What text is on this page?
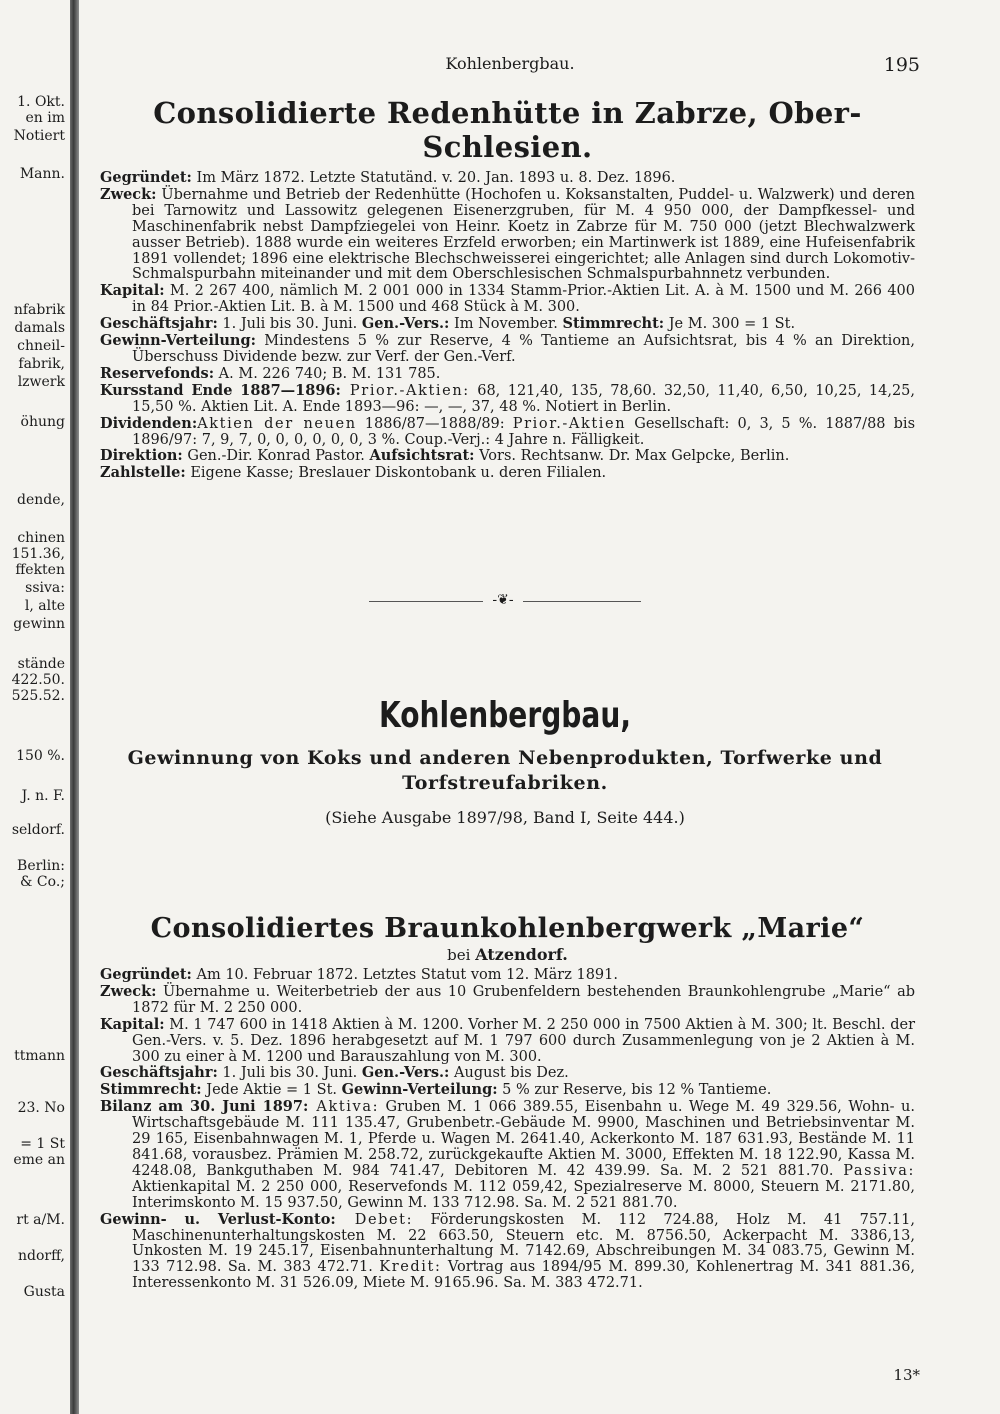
1. Okt.
en im
Notiert
Mann.
nfabrik
damals
chneil-
fabrik,
lzwerk
öhung
dende,
chinen
151.36,
ffekten
ssiva:
l, alte
gewinn
stände
422.50.
525.52.
150 %.
J. n. F.
seldorf.
Berlin:
& Co.;
ttmann
23. No
= 1 St
eme an
rt a/M.
ndorff,
Gusta
Kohlenbergbau.	195
Consolidierte Redenhütte in Zabrze, Ober-Schlesien.

Gegründet: Im März 1872. Letzte Statutänd. v. 20. Jan. 1893 u. 8. Dez. 1896.

Zweck: Übernahme und Betrieb der Redenhütte (Hochofen u. Koksanstalten, Puddel- u. Walzwerk) und deren bei Tarnowitz und Lassowitz gelegenen Eisenerzgruben, für M. 4 950 000, der Dampfkessel- und Maschinenfabrik nebst Dampfziegelei von Heinr. Koetz in Zabrze für M. 750 000 (jetzt Blechwalzwerk ausser Betrieb). 1888 wurde ein weiteres Erzfeld erworben; ein Martinwerk ist 1889, eine Hufeisenfabrik 1891 vollendet; 1896 eine elektrische Blechschweisserei eingerichtet; alle Anlagen sind durch Lokomotiv-Schmalspurbahn miteinander und mit dem Oberschlesischen Schmalspurbahnnetz verbunden.

Kapital: M. 2 267 400, nämlich M. 2 001 000 in 1334 Stamm-Prior.-Aktien Lit. A. à M. 1500 und M. 266 400 in 84 Prior.-Aktien Lit. B. à M. 1500 und 468 Stück à M. 300.

Geschäftsjahr: 1. Juli bis 30. Juni. Gen.-Vers.: Im November. Stimmrecht: Je M. 300 = 1 St.

Gewinn-Verteilung: Mindestens 5 % zur Reserve, 4 % Tantieme an Aufsichtsrat, bis 4 % an Direktion, Überschuss Dividende bezw. zur Verf. der Gen.-Verf.

Reservefonds: A. M. 226 740; B. M. 131 785.

Kursstand Ende 1887—1896: Prior.-Aktien: 68, 121,40, 135, 78,60. 32,50, 11,40, 6,50, 10,25, 14,25, 15,50 %. Aktien Lit. A. Ende 1893—96: —, —, 37, 48 %. Notiert in Berlin.

Dividenden:Aktien der neuen 1886/87—1888/89: Prior.-Aktien Gesellschaft: 0, 3, 5 %. 1887/88 bis 1896/97: 7, 9, 7, 0, 0, 0, 0, 0, 0, 3 %. Coup.-Verj.: 4 Jahre n. Fälligkeit.

Direktion: Gen.-Dir. Konrad Pastor. Aufsichtsrat: Vors. Rechtsanw. Dr. Max Gelpcke, Berlin.

Zahlstelle: Eigene Kasse; Breslauer Diskontobank u. deren Filialen.

-❦-
Kohlenbergbau,

Gewinnung von Koks und anderen Nebenprodukten, Torfwerke und Torfstreufabriken.

(Siehe Ausgabe 1897/98, Band I, Seite 444.)

Consolidiertes Braunkohlenbergwerk „Marie“

bei Atzendorf.

Gegründet: Am 10. Februar 1872. Letztes Statut vom 12. März 1891.

Zweck: Übernahme u. Weiterbetrieb der aus 10 Grubenfeldern bestehenden Braunkohlengrube „Marie“ ab 1872 für M. 2 250 000.

Kapital: M. 1 747 600 in 1418 Aktien à M. 1200. Vorher M. 2 250 000 in 7500 Aktien à M. 300; lt. Beschl. der Gen.-Vers. v. 5. Dez. 1896 herabgesetzt auf M. 1 797 600 durch Zusammenlegung von je 2 Aktien à M. 300 zu einer à M. 1200 und Barauszahlung von M. 300.

Geschäftsjahr: 1. Juli bis 30. Juni. Gen.-Vers.: August bis Dez.

Stimmrecht: Jede Aktie = 1 St. Gewinn-Verteilung: 5 % zur Reserve, bis 12 % Tantieme.

Bilanz am 30. Juni 1897: Aktiva: Gruben M. 1 066 389.55, Eisenbahn u. Wege M. 49 329.56, Wohn- u. Wirtschaftsgebäude M. 111 135.47, Grubenbetr.-Gebäude M. 9900, Maschinen und Betriebsinventar M. 29 165, Eisenbahnwagen M. 1, Pferde u. Wagen M. 2641.40, Ackerkonto M. 187 631.93, Bestände M. 11 841.68, vorausbez. Prämien M. 258.72, zurückgekaufte Aktien M. 3000, Effekten M. 18 122.90, Kassa M. 4248.08, Bankguthaben M. 984 741.47, Debitoren M. 42 439.99. Sa. M. 2 521 881.70. Passiva: Aktienkapital M. 2 250 000, Reservefonds M. 112 059,42, Spezialreserve M. 8000, Steuern M. 2171.80, Interimskonto M. 15 937.50, Gewinn M. 133 712.98. Sa. M. 2 521 881.70.

Gewinn- u. Verlust-Konto: Debet: Förderungskosten M. 112 724.88, Holz M. 41 757.11, Maschinenunterhaltungskosten M. 22 663.50, Steuern etc. M. 8756.50, Ackerpacht M. 3386,13, Unkosten M. 19 245.17, Eisenbahnunterhaltung M. 7142.69, Abschreibungen M. 34 083.75, Gewinn M. 133 712.98. Sa. M. 383 472.71. Kredit: Vortrag aus 1894/95 M. 899.30, Kohlenertrag M. 341 881.36, Interessenkonto M. 31 526.09, Miete M. 9165.96. Sa. M. 383 472.71.

13*
